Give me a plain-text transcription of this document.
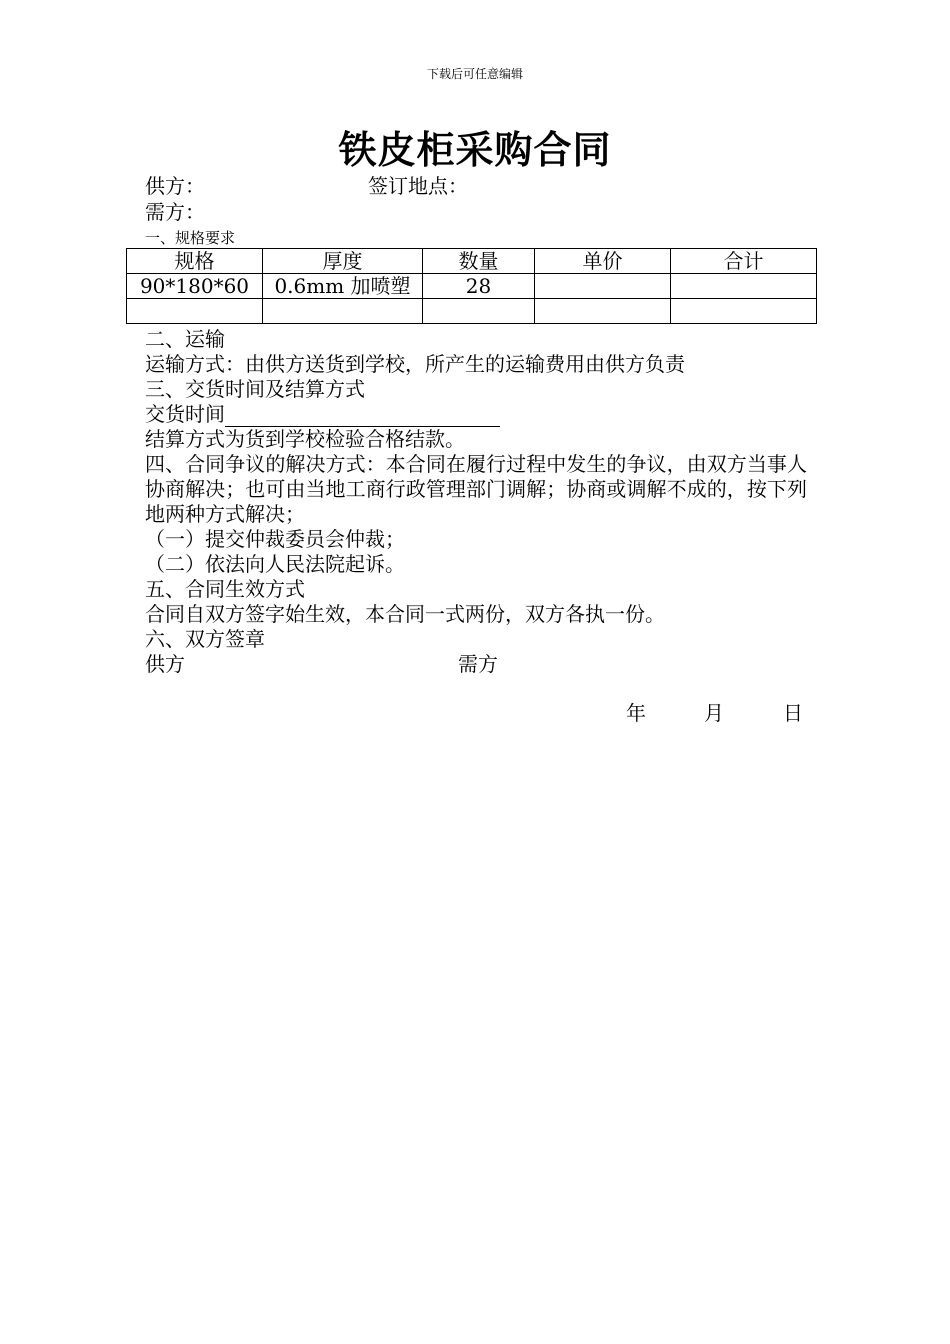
下载后可任意编辑
铁皮柜采购合同
供方：	签订地点：
需方：
一、规格要求
规格	厚度	数量	单价	合计
90*180*60	0.6mm 加喷塑	28		

二、运输
运输方式：由供方送货到学校，所产生的运输费用由供方负责
三、交货时间及结算方式
交货时间
结算方式为货到学校检验合格结款。
四、合同争议的解决方式：本合同在履行过程中发生的争议，由双方当事人协商解决；也可由当地工商行政管理部门调解；协商或调解不成的，按下列地两种方式解决；
（一）提交仲裁委员会仲裁；
（二）依法向人民法院起诉。
五、合同生效方式
合同自双方签字始生效，本合同一式两份，双方各执一份。
六、双方签章
供方	需方
年	月	日
